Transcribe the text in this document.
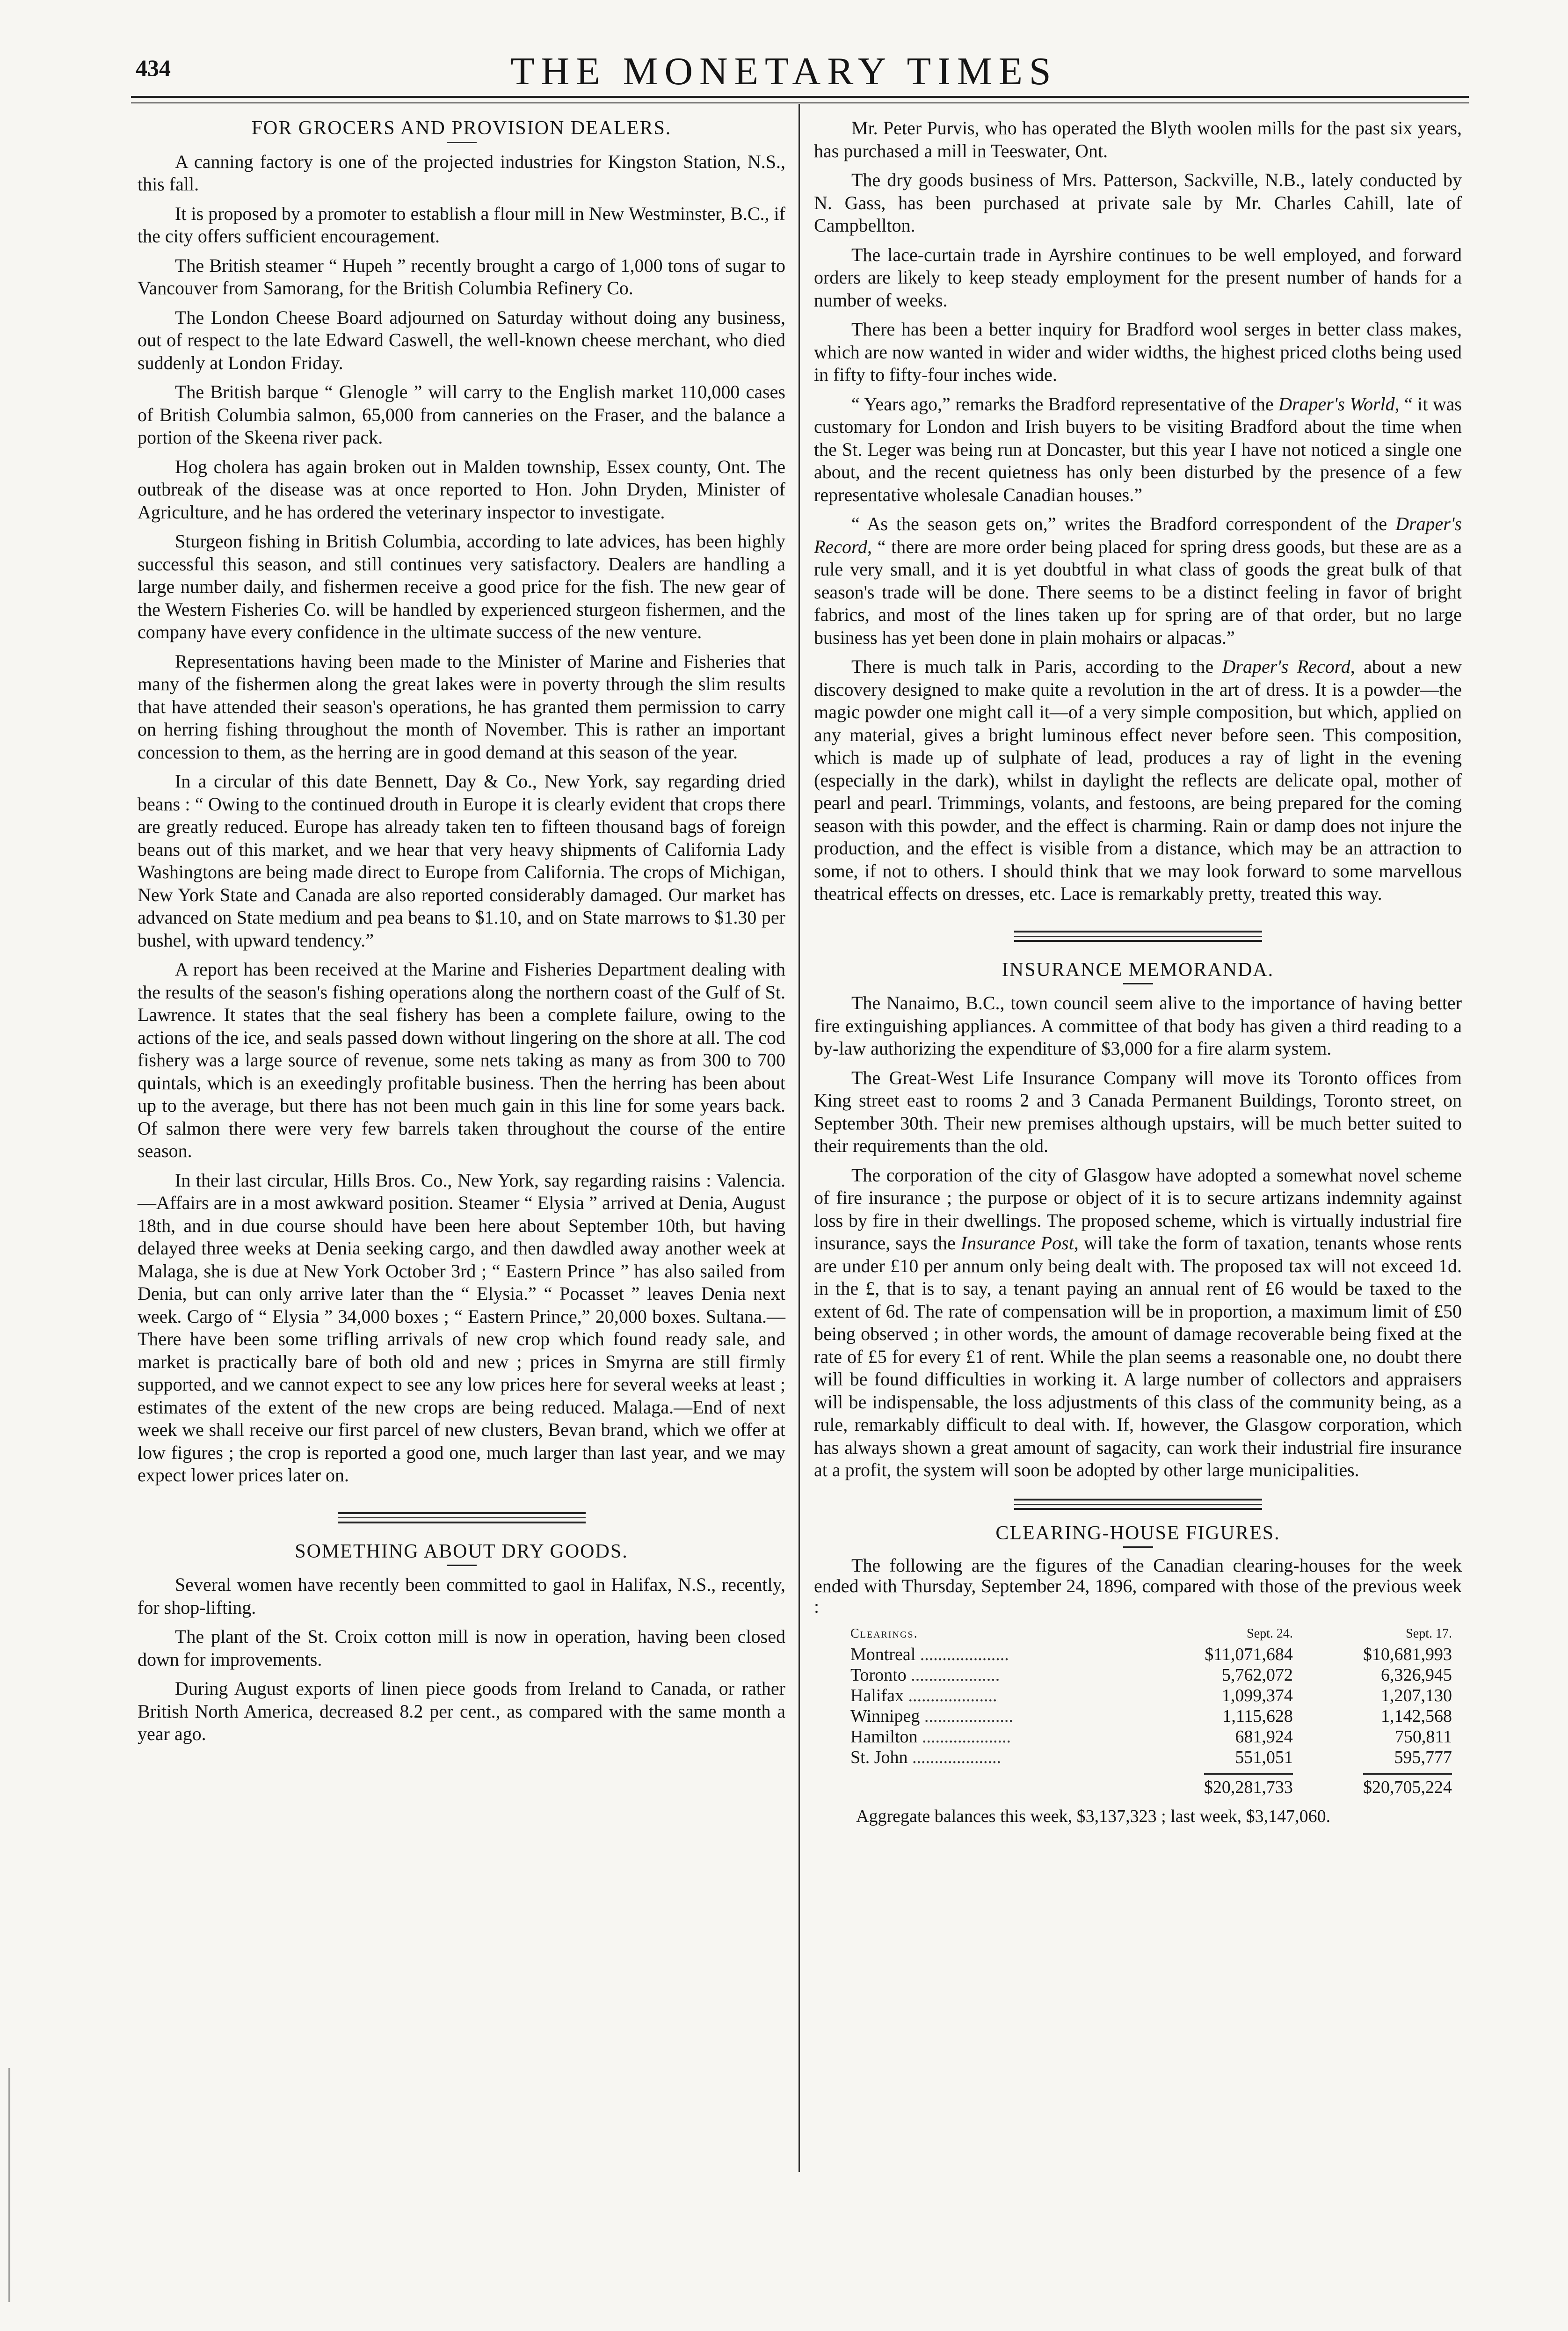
434	THE MONETARY TIMES
FOR GROCERS AND PROVISION DEALERS.

A canning factory is one of the projected industries for Kingston Station, N.S., this fall.

It is proposed by a promoter to establish a flour mill in New Westminster, B.C., if the city offers sufficient encouragement.

The British steamer “ Hupeh ” recently brought a cargo of 1,000 tons of sugar to Vancouver from Samorang, for the British Columbia Refinery Co.

The London Cheese Board adjourned on Saturday without doing any business, out of respect to the late Edward Caswell, the well-known cheese merchant, who died suddenly at London Friday.

The British barque “ Glenogle ” will carry to the English market 110,000 cases of British Columbia salmon, 65,000 from canneries on the Fraser, and the balance a portion of the Skeena river pack.

Hog cholera has again broken out in Malden township, Essex county, Ont. The outbreak of the disease was at once reported to Hon. John Dryden, Minister of Agriculture, and he has ordered the veterinary inspector to investigate.

Sturgeon fishing in British Columbia, according to late advices, has been highly successful this season, and still continues very satisfactory. Dealers are handling a large number daily, and fishermen receive a good price for the fish. The new gear of the Western Fisheries Co. will be handled by experienced sturgeon fishermen, and the company have every confidence in the ultimate success of the new venture.

Representations having been made to the Minister of Marine and Fisheries that many of the fishermen along the great lakes were in poverty through the slim results that have attended their season's operations, he has granted them permission to carry on herring fishing throughout the month of November. This is rather an important concession to them, as the herring are in good demand at this season of the year.

In a circular of this date Bennett, Day & Co., New York, say regarding dried beans : “ Owing to the continued drouth in Europe it is clearly evident that crops there are greatly reduced. Europe has already taken ten to fifteen thousand bags of foreign beans out of this market, and we hear that very heavy shipments of California Lady Washingtons are being made direct to Europe from California. The crops of Michigan, New York State and Canada are also reported considerably damaged. Our market has advanced on State medium and pea beans to $1.10, and on State marrows to $1.30 per bushel, with upward tendency.”

A report has been received at the Marine and Fisheries Department dealing with the results of the season's fishing operations along the northern coast of the Gulf of St. Lawrence. It states that the seal fishery has been a complete failure, owing to the actions of the ice, and seals passed down without lingering on the shore at all. The cod fishery was a large source of revenue, some nets taking as many as from 300 to 700 quintals, which is an exeedingly profitable business. Then the herring has been about up to the average, but there has not been much gain in this line for some years back. Of salmon there were very few barrels taken throughout the course of the entire season.

In their last circular, Hills Bros. Co., New York, say regarding raisins : Valencia.—Affairs are in a most awkward position. Steamer “ Elysia ” arrived at Denia, August 18th, and in due course should have been here about September 10th, but having delayed three weeks at Denia seeking cargo, and then dawdled away another week at Malaga, she is due at New York October 3rd ; “ Eastern Prince ” has also sailed from Denia, but can only arrive later than the “ Elysia.” “ Pocasset ” leaves Denia next week. Cargo of “ Elysia ” 34,000 boxes ; “ Eastern Prince,” 20,000 boxes. Sultana.—There have been some trifling arrivals of new crop which found ready sale, and market is practically bare of both old and new ; prices in Smyrna are still firmly supported, and we cannot expect to see any low prices here for several weeks at least ; estimates of the extent of the new crops are being reduced. Malaga.—End of next week we shall receive our first parcel of new clusters, Bevan brand, which we offer at low figures ; the crop is reported a good one, much larger than last year, and we may expect lower prices later on.

SOMETHING ABOUT DRY GOODS.

Several women have recently been committed to gaol in Halifax, N.S., recently, for shop-lifting.

The plant of the St. Croix cotton mill is now in operation, having been closed down for improvements.

During August exports of linen piece goods from Ireland to Canada, or rather British North America, decreased 8.2 per cent., as compared with the same month a year ago.

Mr. Peter Purvis, who has operated the Blyth woolen mills for the past six years, has purchased a mill in Teeswater, Ont.

The dry goods business of Mrs. Patterson, Sackville, N.B., lately conducted by N. Gass, has been purchased at private sale by Mr. Charles Cahill, late of Campbellton.

The lace-curtain trade in Ayrshire continues to be well employed, and forward orders are likely to keep steady employment for the present number of hands for a number of weeks.

There has been a better inquiry for Bradford wool serges in better class makes, which are now wanted in wider and wider widths, the highest priced cloths being used in fifty to fifty-four inches wide.

“ Years ago,” remarks the Bradford representative of the Draper's World, “ it was customary for London and Irish buyers to be visiting Bradford about the time when the St. Leger was being run at Doncaster, but this year I have not noticed a single one about, and the recent quietness has only been disturbed by the presence of a few representative wholesale Canadian houses.”

“ As the season gets on,” writes the Bradford correspondent of the Draper's Record, “ there are more order being placed for spring dress goods, but these are as a rule very small, and it is yet doubtful in what class of goods the great bulk of that season's trade will be done. There seems to be a distinct feeling in favor of bright fabrics, and most of the lines taken up for spring are of that order, but no large business has yet been done in plain mohairs or alpacas.”

There is much talk in Paris, according to the Draper's Record, about a new discovery designed to make quite a revolution in the art of dress. It is a powder—the magic powder one might call it—of a very simple composition, but which, applied on any material, gives a bright luminous effect never before seen. This composition, which is made up of sulphate of lead, produces a ray of light in the evening (especially in the dark), whilst in daylight the reflects are delicate opal, mother of pearl and pearl. Trimmings, volants, and festoons, are being prepared for the coming season with this powder, and the effect is charming. Rain or damp does not injure the production, and the effect is visible from a distance, which may be an attraction to some, if not to others. I should think that we may look forward to some marvellous theatrical effects on dresses, etc. Lace is remarkably pretty, treated this way.

INSURANCE MEMORANDA.

The Nanaimo, B.C., town council seem alive to the importance of having better fire extinguishing appliances. A committee of that body has given a third reading to a by-law authorizing the expenditure of $3,000 for a fire alarm system.

The Great-West Life Insurance Company will move its Toronto offices from King street east to rooms 2 and 3 Canada Permanent Buildings, Toronto street, on September 30th. Their new premises although upstairs, will be much better suited to their requirements than the old.

The corporation of the city of Glasgow have adopted a somewhat novel scheme of fire insurance ; the purpose or object of it is to secure artizans indemnity against loss by fire in their dwellings. The proposed scheme, which is virtually industrial fire insurance, says the Insurance Post, will take the form of taxation, tenants whose rents are under £10 per annum only being dealt with. The proposed tax will not exceed 1d. in the £, that is to say, a tenant paying an annual rent of £6 would be taxed to the extent of 6d. The rate of compensation will be in proportion, a maximum limit of £50 being observed ; in other words, the amount of damage recoverable being fixed at the rate of £5 for every £1 of rent. While the plan seems a reasonable one, no doubt there will be found difficulties in working it. A large number of collectors and appraisers will be indispensable, the loss adjustments of this class of the community being, as a rule, remarkably difficult to deal with. If, however, the Glasgow corporation, which has always shown a great amount of sagacity, can work their industrial fire insurance at a profit, the system will soon be adopted by other large municipalities.

CLEARING-HOUSE FIGURES.

The following are the figures of the Canadian clearing-houses for the week ended with Thursday, September 24, 1896, compared with those of the previous week :

Clearings.	Sept. 24.	Sept. 17.
Montreal ....................	$11,071,684	$10,681,993
Toronto ....................	5,762,072	6,326,945
Halifax ....................	1,099,374	1,207,130
Winnipeg ....................	1,115,628	1,142,568
Hamilton ....................	681,924	750,811
St. John ....................	551,051	595,777
	$20,281,733	$20,705,224
Aggregate balances this week, $3,137,323 ; last week, $3,147,060.
